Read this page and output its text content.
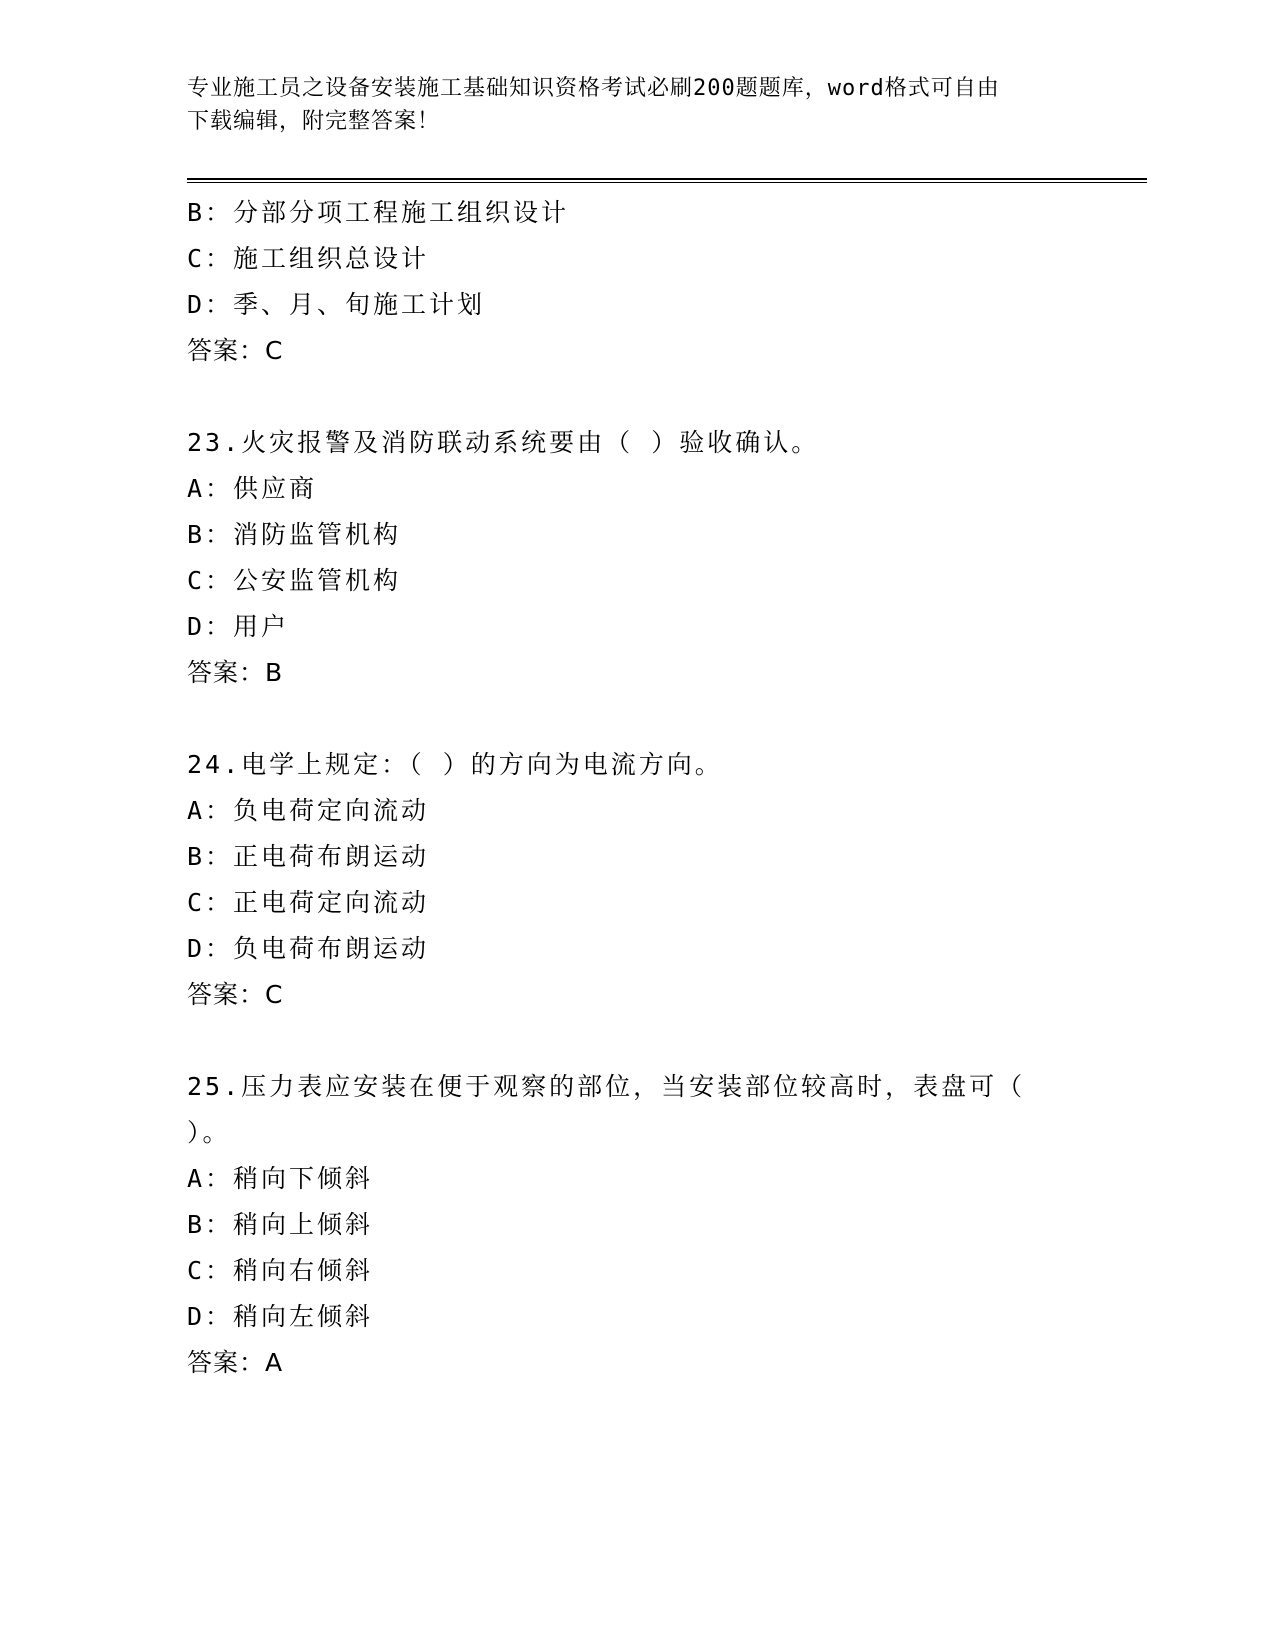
专业施工员之设备安装施工基础知识资格考试必刷200题题库，word格式可自由
下载编辑，附完整答案！
B：分部分项工程施工组织设计
C：施工组织总设计
D：季、月、旬施工计划
答案：C
23.火灾报警及消防联动系统要由（ ）验收确认。
A：供应商
B：消防监管机构
C：公安监管机构
D：用户
答案：B
24.电学上规定：（ ）的方向为电流方向。
A：负电荷定向流动
B：正电荷布朗运动
C：正电荷定向流动
D：负电荷布朗运动
答案：C
25.压力表应安装在便于观察的部位，当安装部位较高时，表盘可（
）。
A：稍向下倾斜
B：稍向上倾斜
C：稍向右倾斜
D：稍向左倾斜
答案：A
